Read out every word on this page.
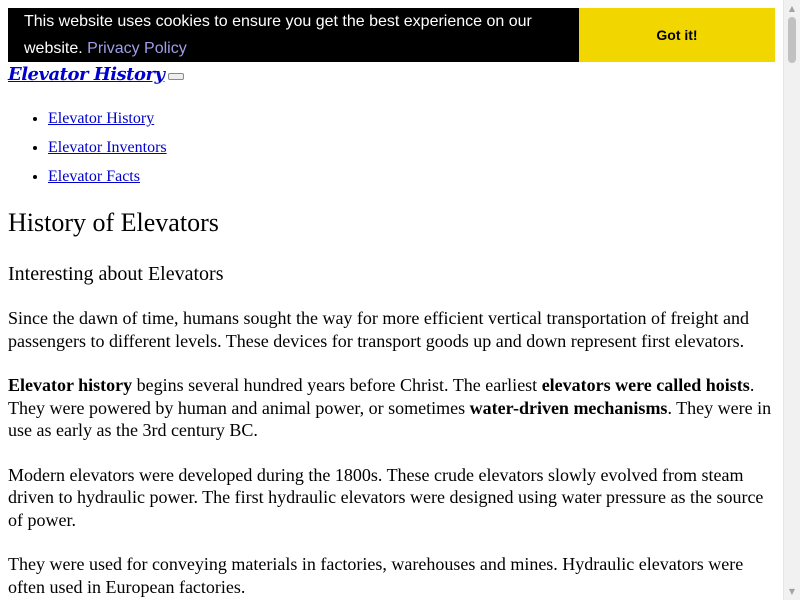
This website uses cookies to ensure you get the best experience on our website. Privacy Policy
Got it!
Elevator History
• Elevator History
• Elevator Inventors
• Elevator Facts
History of Elevators
Interesting about Elevators

Since the dawn of time, humans sought the way for more efficient vertical transportation of freight and passengers to different levels. These devices for transport goods up and down represent first elevators.

Elevator history begins several hundred years before Christ. The earliest elevators were called hoists. They were powered by human and animal power, or sometimes water-driven mechanisms. They were in use as early as the 3rd century BC.

Modern elevators were developed during the 1800s. These crude elevators slowly evolved from steam driven to hydraulic power. The first hydraulic elevators were designed using water pressure as the source of power.

They were used for conveying materials in factories, warehouses and mines. Hydraulic elevators were often used in European factories.

▲
▼
